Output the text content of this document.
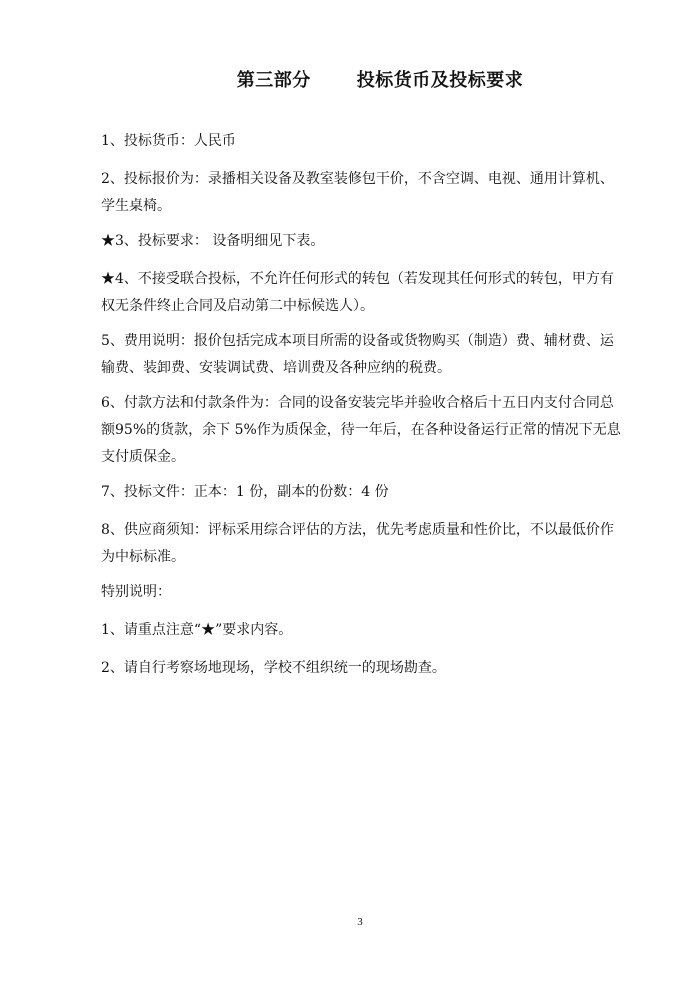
第三部分	投标货币及投标要求

1、投标货币：人民币

2、投标报价为：录播相关设备及教室装修包干价，不含空调、电视、通用计算机、学生桌椅。

★3、投标要求： 设备明细见下表。

★4、不接受联合投标，不允许任何形式的转包（若发现其任何形式的转包，甲方有权无条件终止合同及启动第二中标候选人）。

5、费用说明：报价包括完成本项目所需的设备或货物购买（制造）费、辅材费、运输费、装卸费、安装调试费、培训费及各种应纳的税费。

6、付款方法和付款条件为：合同的设备安装完毕并验收合格后十五日内支付合同总额95%的货款，余下 5%作为质保金，待一年后，在各种设备运行正常的情况下无息支付质保金。

7、投标文件：正本：1 份，副本的份数：4 份

8、供应商须知：评标采用综合评估的方法，优先考虑质量和性价比，不以最低价作为中标标准。

特别说明：

1、请重点注意“★”要求内容。

2、请自行考察场地现场，学校不组织统一的现场勘查。

3
